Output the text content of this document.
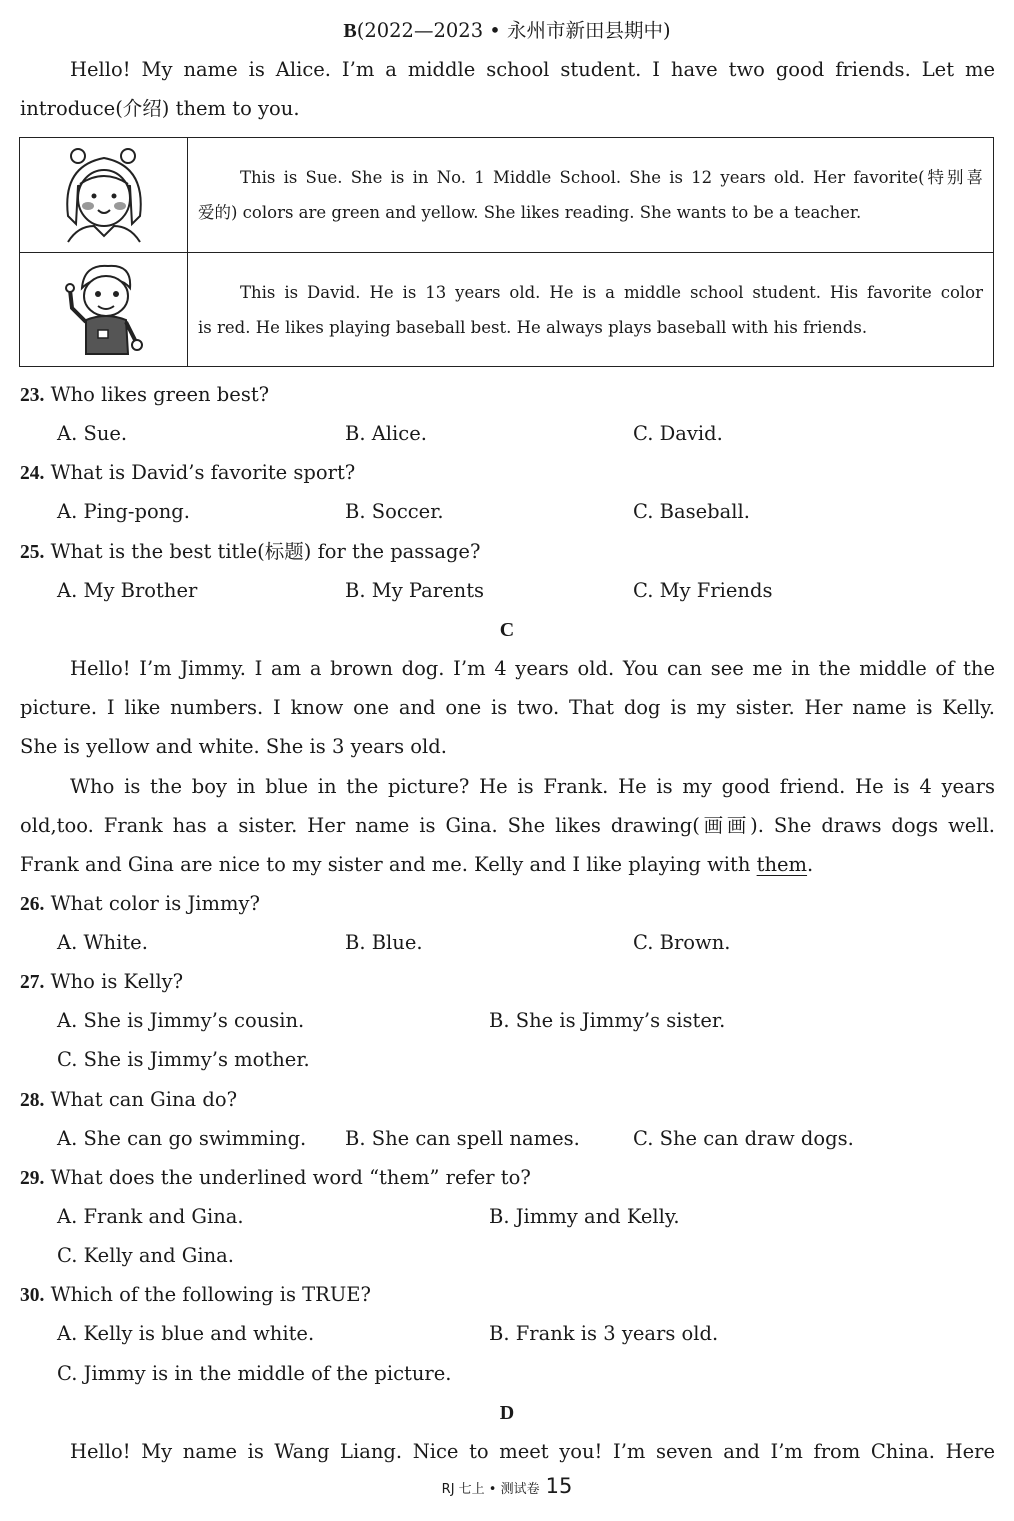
B(2022—2023 • 永州市新田县期中)
Hello! My name is Alice. I’m a middle school student. I have two good friends. Let me
introduce(介绍) them to you.
This is Sue. She is in No. 1 Middle School. She is 12 years old. Her favorite(特别喜
爱的) colors are green and yellow. She likes reading. She wants to be a teacher.
This is David. He is 13 years old. He is a middle school student. His favorite color
is red. He likes playing baseball best. He always plays baseball with his friends.
23. Who likes green best?
A. Sue.	B. Alice.	C. David.
24. What is David’s favorite sport?
A. Ping-pong.	B. Soccer.	C. Baseball.
25. What is the best title(标题) for the passage?
A. My Brother	B. My Parents	C. My Friends
C
Hello! I’m Jimmy. I am a brown dog. I’m 4 years old. You can see me in the middle of the
picture. I like numbers. I know one and one is two. That dog is my sister. Her name is Kelly.
She is yellow and white. She is 3 years old.
Who is the boy in blue in the picture? He is Frank. He is my good friend. He is 4 years
old,too. Frank has a sister. Her name is Gina. She likes drawing(画画). She draws dogs well.
Frank and Gina are nice to my sister and me. Kelly and I like playing with them.
26. What color is Jimmy?
A. White.	B. Blue.	C. Brown.
27. Who is Kelly?
A. She is Jimmy’s cousin.	B. She is Jimmy’s sister.
C. She is Jimmy’s mother.
28. What can Gina do?
A. She can go swimming. B. She can spell names.	C. She can draw dogs.
29. What does the underlined word “them” refer to?
A. Frank and Gina.	B. Jimmy and Kelly.
C. Kelly and Gina.
30. Which of the following is TRUE?
A. Kelly is blue and white.	B. Frank is 3 years old.
C. Jimmy is in the middle of the picture.
D
Hello! My name is Wang Liang. Nice to meet you! I’m seven and I’m from China. Here
RJ 七上 • 测试卷 15
